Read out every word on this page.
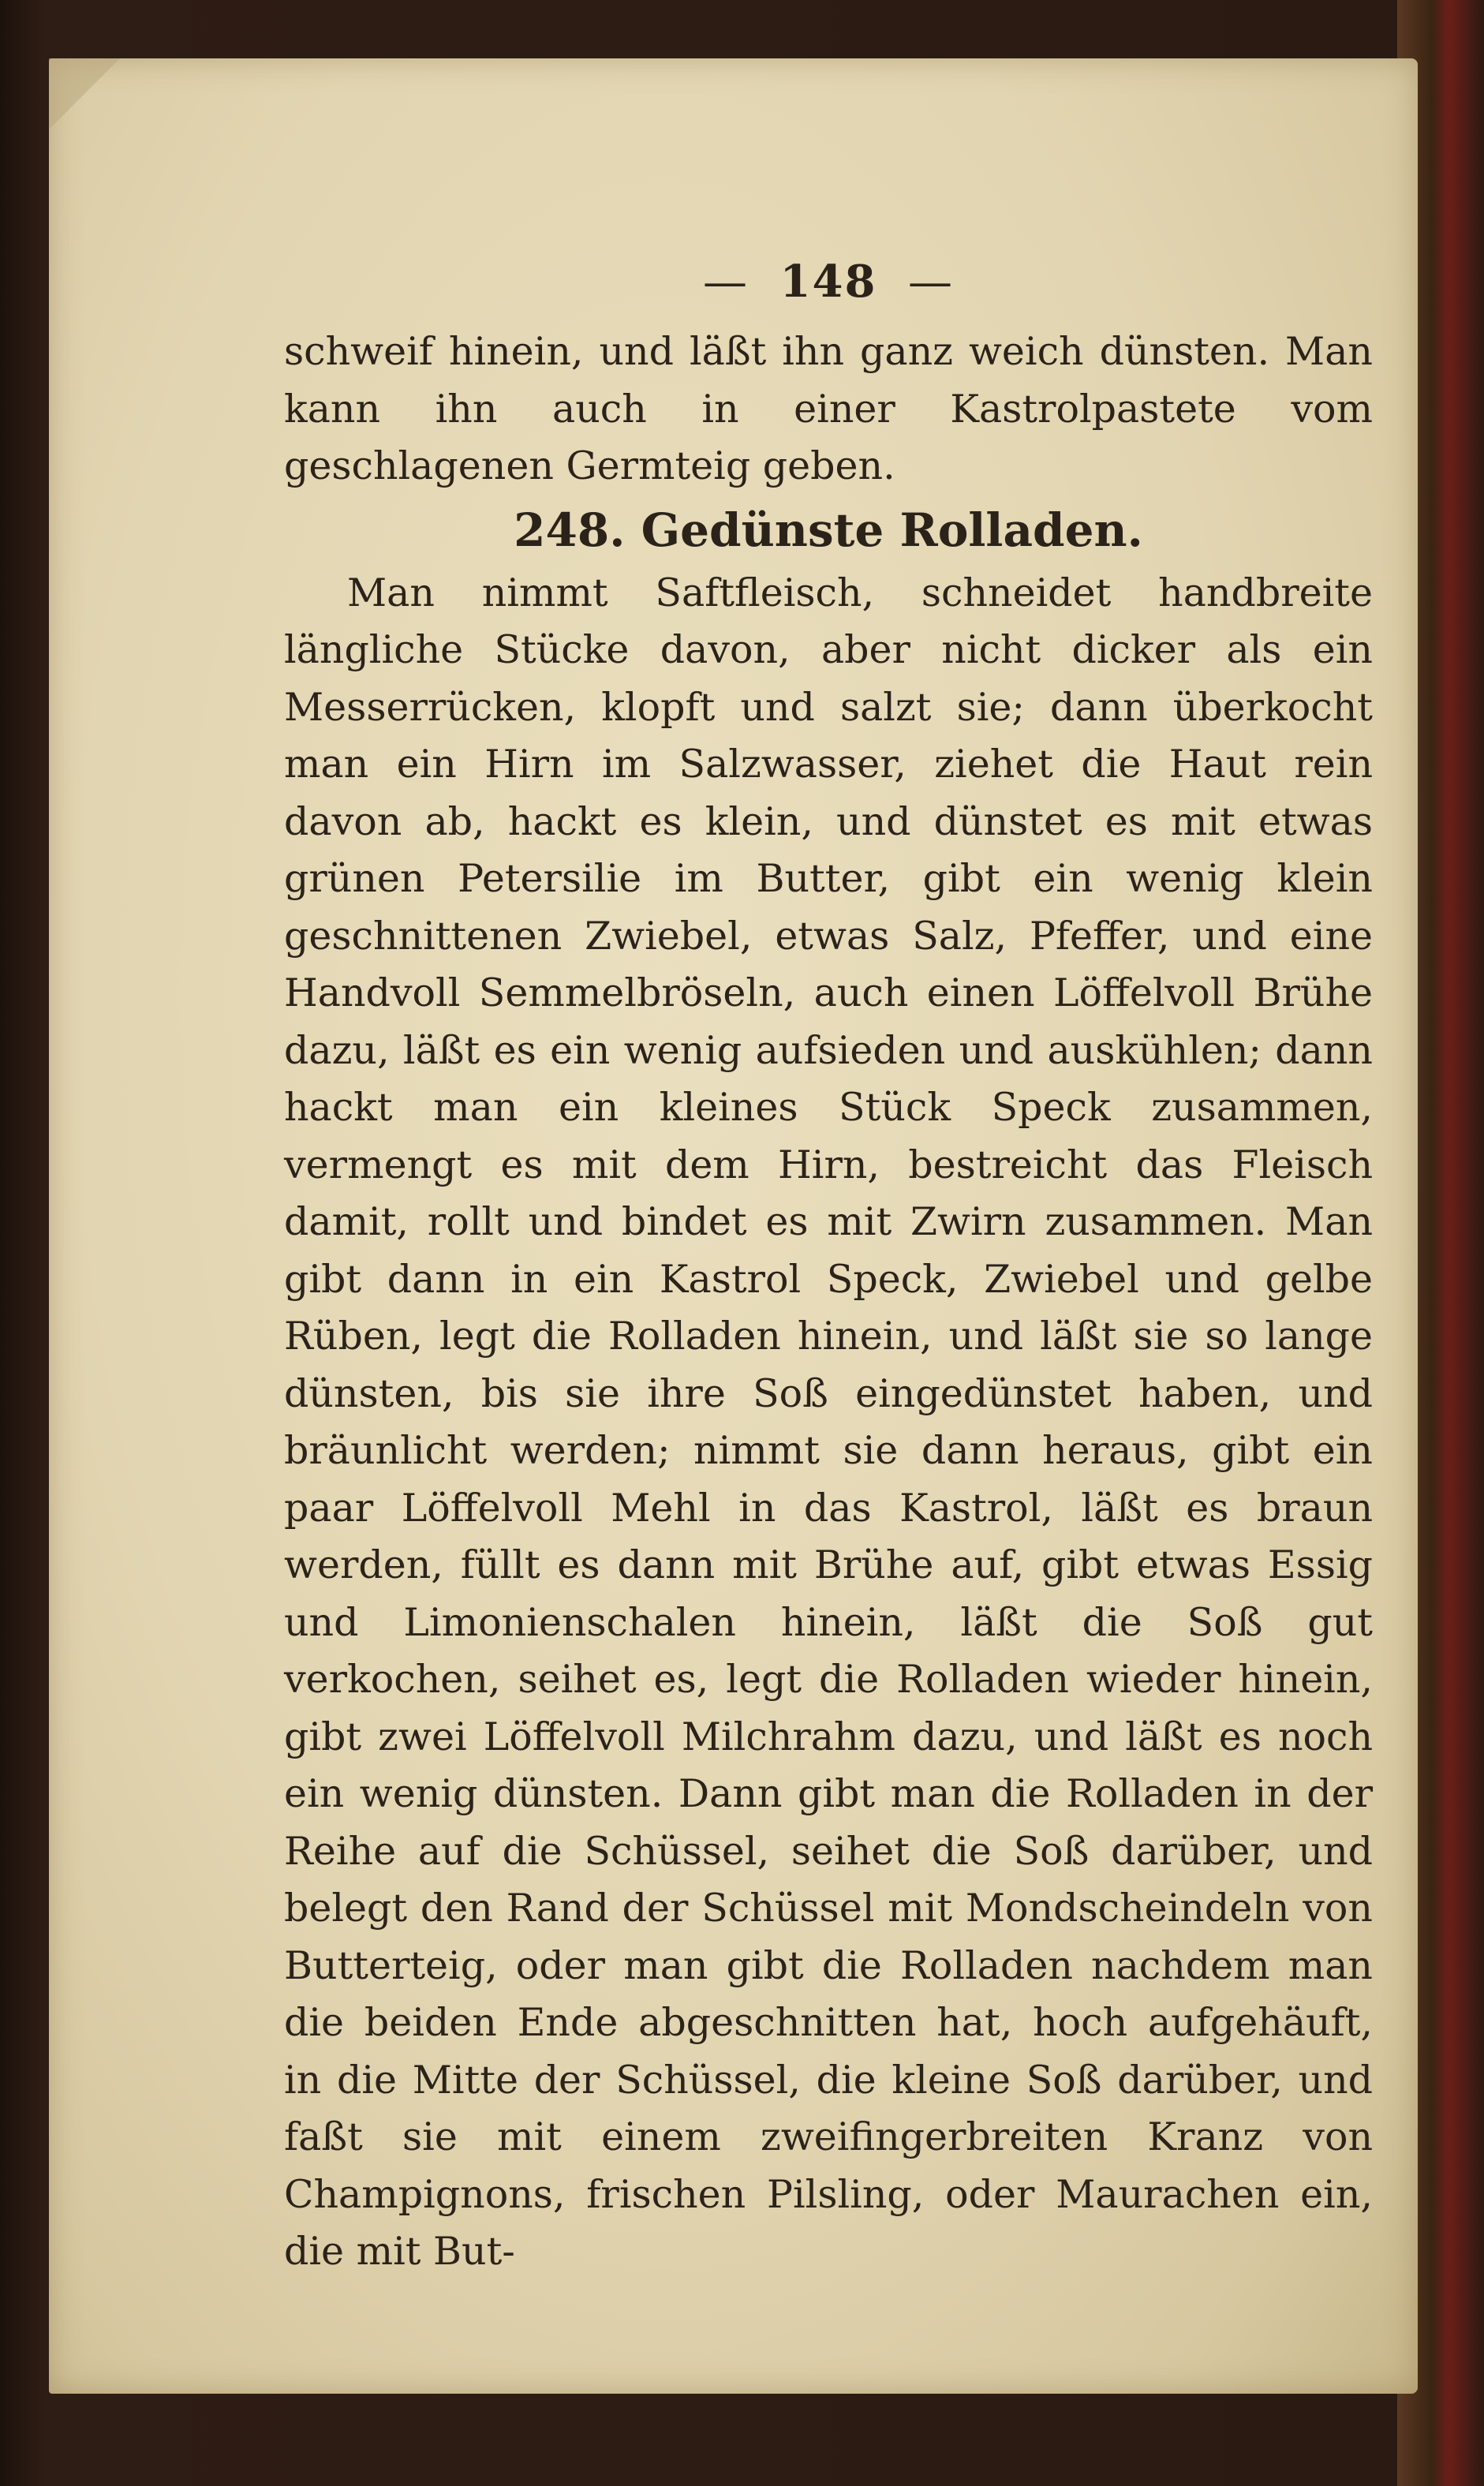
— 148 —

schweif hinein, und läßt ihn ganz weich dünsten. Man kann ihn auch in einer Kastrolpastete vom geschlagenen Germteig geben.

248. Gedünste Rolladen.

Man nimmt Saftfleisch, schneidet handbreite längliche Stücke davon, aber nicht dicker als ein Messerrücken, klopft und salzt sie; dann überkocht man ein Hirn im Salzwasser, ziehet die Haut rein davon ab, hackt es klein, und dünstet es mit etwas grünen Petersilie im Butter, gibt ein wenig klein geschnittenen Zwiebel, etwas Salz, Pfeffer, und eine Handvoll Semmelbröseln, auch einen Löffelvoll Brühe dazu, läßt es ein wenig aufsieden und auskühlen; dann hackt man ein kleines Stück Speck zusammen, vermengt es mit dem Hirn, bestreicht das Fleisch damit, rollt und bindet es mit Zwirn zusammen. Man gibt dann in ein Kastrol Speck, Zwiebel und gelbe Rüben, legt die Rolladen hinein, und läßt sie so lange dünsten, bis sie ihre Soß eingedünstet haben, und bräunlicht werden; nimmt sie dann heraus, gibt ein paar Löffelvoll Mehl in das Kastrol, läßt es braun werden, füllt es dann mit Brühe auf, gibt etwas Essig und Limonienschalen hinein, läßt die Soß gut verkochen, seihet es, legt die Rolladen wieder hinein, gibt zwei Löffelvoll Milchrahm dazu, und läßt es noch ein wenig dünsten. Dann gibt man die Rolladen in der Reihe auf die Schüssel, seihet die Soß darüber, und belegt den Rand der Schüssel mit Mondscheindeln von Butterteig, oder man gibt die Rolladen nachdem man die beiden Ende abgeschnitten hat, hoch aufgehäuft, in die Mitte der Schüssel, die kleine Soß darüber, und faßt sie mit einem zweifingerbreiten Kranz von Champignons, frischen Pilsling, oder Maurachen ein, die mit But-
